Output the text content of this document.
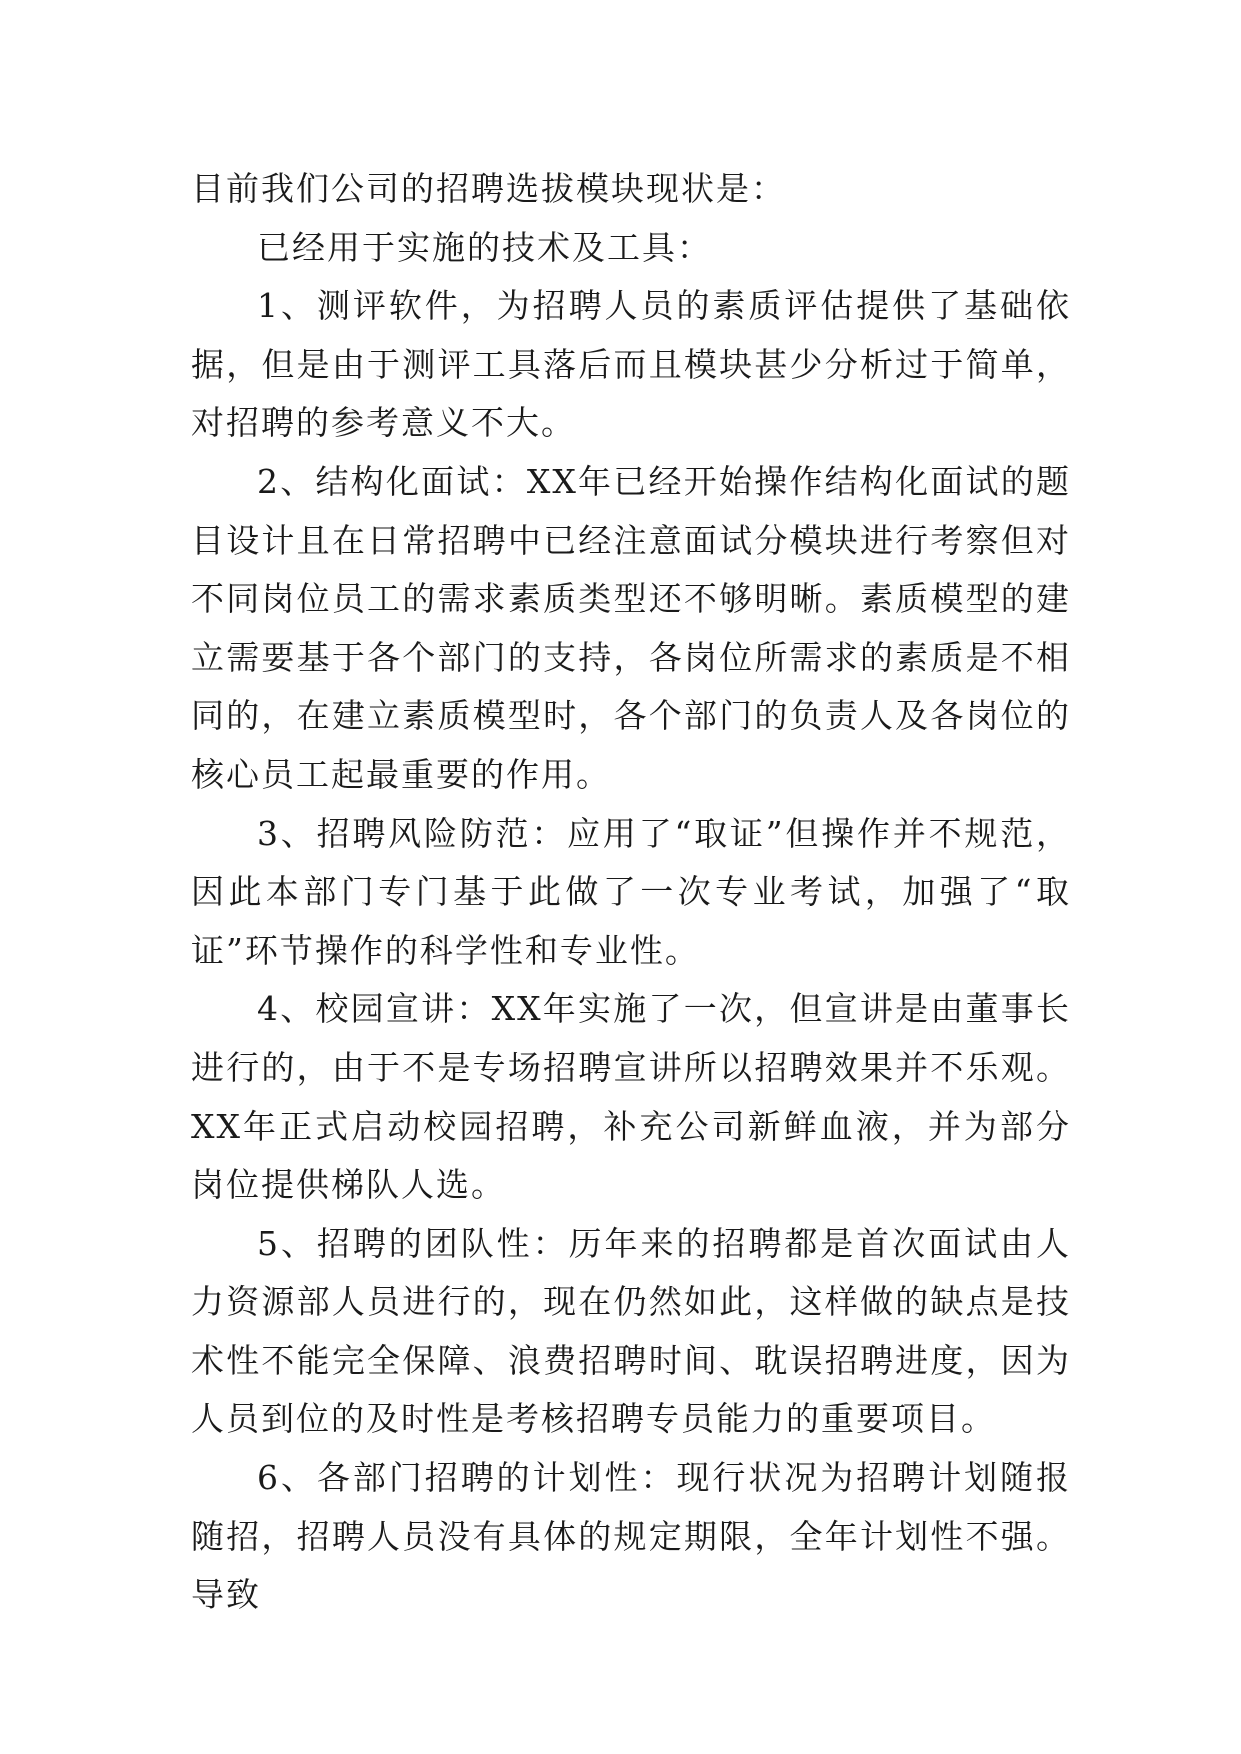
目前我们公司的招聘选拔模块现状是：

已经用于实施的技术及工具：

1、测评软件，为招聘人员的素质评估提供了基础依据，但是由于测评工具落后而且模块甚少分析过于简单，对招聘的参考意义不大。

2、结构化面试：XX年已经开始操作结构化面试的题目设计且在日常招聘中已经注意面试分模块进行考察但对不同岗位员工的需求素质类型还不够明晰。素质模型的建立需要基于各个部门的支持，各岗位所需求的素质是不相同的，在建立素质模型时，各个部门的负责人及各岗位的核心员工起最重要的作用。

3、招聘风险防范：应用了“取证”但操作并不规范，因此本部门专门基于此做了一次专业考试，加强了“取证”环节操作的科学性和专业性。

4、校园宣讲：XX年实施了一次，但宣讲是由董事长进行的，由于不是专场招聘宣讲所以招聘效果并不乐观。XX年正式启动校园招聘，补充公司新鲜血液，并为部分岗位提供梯队人选。

5、招聘的团队性：历年来的招聘都是首次面试由人力资源部人员进行的，现在仍然如此，这样做的缺点是技术性不能完全保障、浪费招聘时间、耽误招聘进度，因为人员到位的及时性是考核招聘专员能力的重要项目。

6、各部门招聘的计划性：现行状况为招聘计划随报随招，招聘人员没有具体的规定期限，全年计划性不强。导致
